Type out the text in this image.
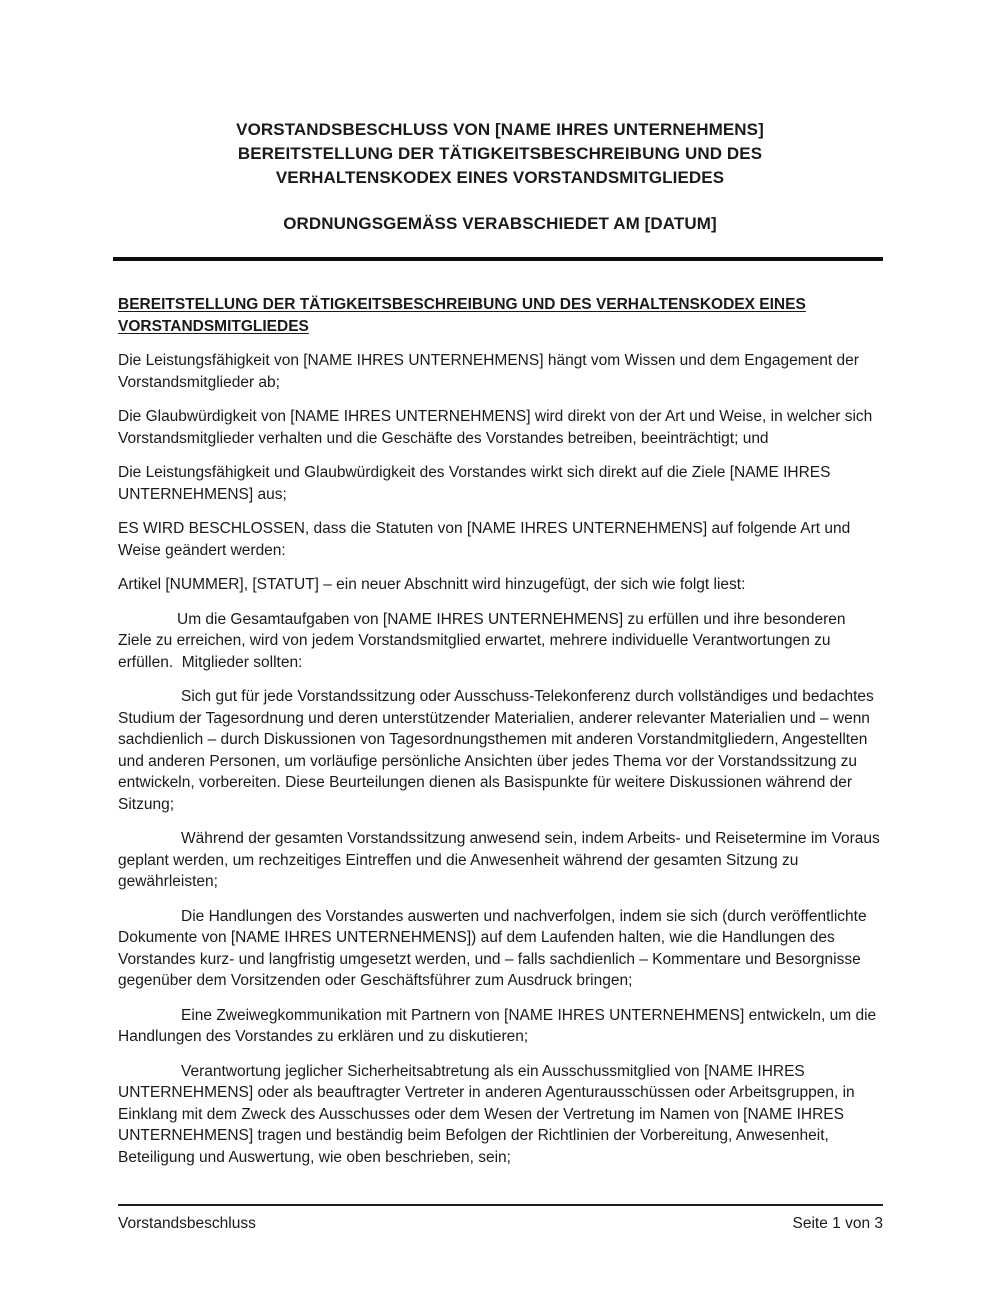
VORSTANDSBESCHLUSS VON [NAME IHRES UNTERNEHMENS]
BEREITSTELLUNG DER TÄTIGKEITSBESCHREIBUNG UND DES
VERHALTENSKODEX EINES VORSTANDSMITGLIEDES
ORDNUNGSGEMÄSS VERABSCHIEDET AM [DATUM]
BEREITSTELLUNG DER TÄTIGKEITSBESCHREIBUNG UND DES VERHALTENSKODEX EINES VORSTANDSMITGLIEDES

Die Leistungsfähigkeit von [NAME IHRES UNTERNEHMENS] hängt vom Wissen und dem Engagement der Vorstandsmitglieder ab;

Die Glaubwürdigkeit von [NAME IHRES UNTERNEHMENS] wird direkt von der Art und Weise, in welcher sich Vorstandsmitglieder verhalten und die Geschäfte des Vorstandes betreiben, beeinträchtigt; und

Die Leistungsfähigkeit und Glaubwürdigkeit des Vorstandes wirkt sich direkt auf die Ziele [NAME IHRES UNTERNEHMENS] aus;

ES WIRD BESCHLOSSEN, dass die Statuten von [NAME IHRES UNTERNEHMENS] auf folgende Art und Weise geändert werden:

Artikel [NUMMER], [STATUT] – ein neuer Abschnitt wird hinzugefügt, der sich wie folgt liest:

Um die Gesamtaufgaben von [NAME IHRES UNTERNEHMENS] zu erfüllen und ihre besonderen Ziele zu erreichen, wird von jedem Vorstandsmitglied erwartet, mehrere individuelle Verantwortungen zu erfüllen.  Mitglieder sollten:

Sich gut für jede Vorstandssitzung oder Ausschuss-Telekonferenz durch vollständiges und bedachtes Studium der Tagesordnung und deren unterstützender Materialien, anderer relevanter Materialien und – wenn sachdienlich – durch Diskussionen von Tagesordnungsthemen mit anderen Vorstandmitgliedern, Angestellten und anderen Personen, um vorläufige persönliche Ansichten über jedes Thema vor der Vorstandssitzung zu entwickeln, vorbereiten. Diese Beurteilungen dienen als Basispunkte für weitere Diskussionen während der Sitzung;

Während der gesamten Vorstandssitzung anwesend sein, indem Arbeits- und Reisetermine im Voraus geplant werden, um rechzeitiges Eintreffen und die Anwesenheit während der gesamten Sitzung zu gewährleisten;

Die Handlungen des Vorstandes auswerten und nachverfolgen, indem sie sich (durch veröffentlichte Dokumente von [NAME IHRES UNTERNEHMENS]) auf dem Laufenden halten, wie die Handlungen des Vorstandes kurz- und langfristig umgesetzt werden, und – falls sachdienlich – Kommentare und Besorgnisse gegenüber dem Vorsitzenden oder Geschäftsführer zum Ausdruck bringen;

Eine Zweiwegkommunikation mit Partnern von [NAME IHRES UNTERNEHMENS] entwickeln, um die Handlungen des Vorstandes zu erklären und zu diskutieren;

Verantwortung jeglicher Sicherheitsabtretung als ein Ausschussmitglied von [NAME IHRES UNTERNEHMENS] oder als beauftragter Vertreter in anderen Agenturausschüssen oder Arbeitsgruppen, in Einklang mit dem Zweck des Ausschusses oder dem Wesen der Vertretung im Namen von [NAME IHRES UNTERNEHMENS] tragen und beständig beim Befolgen der Richtlinien der Vorbereitung, Anwesenheit, Beteiligung und Auswertung, wie oben beschrieben, sein;

Vorstandsbeschluss	Seite 1 von 3
